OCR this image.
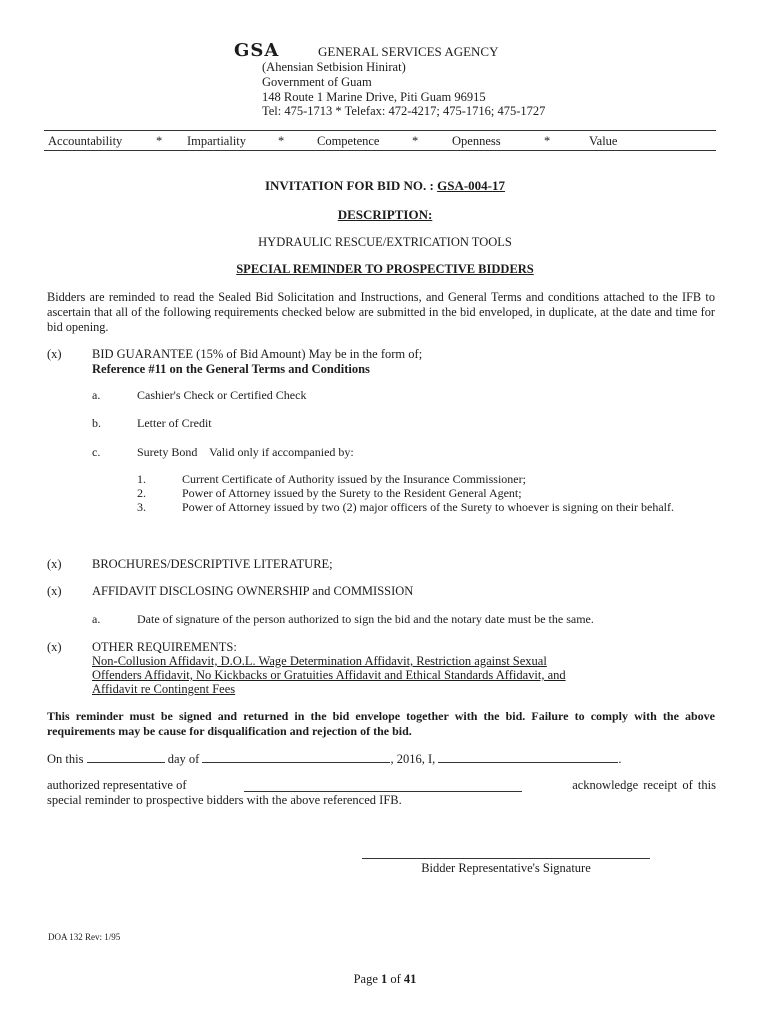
GSA	GENERAL SERVICES AGENCY
(Ahensian Setbision Hinirat)
Government of Guam
148 Route 1 Marine Drive, Piti Guam 96915
Tel: 475-1713 * Telefax: 472-4217; 475-1716; 475-1727
Accountability	* Impartiality	*	Competence	*	Openness	*	Value
INVITATION FOR BID NO. : GSA-004-17
DESCRIPTION:
HYDRAULIC RESCUE/EXTRICATION TOOLS
SPECIAL REMINDER TO PROSPECTIVE BIDDERS
Bidders are reminded to read the Sealed Bid Solicitation and Instructions, and General Terms and conditions attached to the IFB to ascertain that all of the following requirements checked below are submitted in the bid enveloped, in duplicate, at the date and time for bid opening.
(x) BID GUARANTEE (15% of Bid Amount) May be in the form of;
Reference #11 on the General Terms and Conditions
a.	Cashier's Check or Certified Check
b.	Letter of Credit
c.	Surety Bond    Valid only if accompanied by:
1.	Current Certificate of Authority issued by the Insurance Commissioner;
2.	Power of Attorney issued by the Surety to the Resident General Agent;
3.	Power of Attorney issued by two (2) major officers of the Surety to whoever is signing on their behalf.
(x) BROCHURES/DESCRIPTIVE LITERATURE;
(x) AFFIDAVIT DISCLOSING OWNERSHIP and COMMISSION
a.	Date of signature of the person authorized to sign the bid and the notary date must be the same.
(x) OTHER REQUIREMENTS:
Non-Collusion Affidavit, D.O.L. Wage Determination Affidavit, Restriction against Sexual
Offenders Affidavit, No Kickbacks or Gratuities Affidavit and Ethical Standards Affidavit, and
Affidavit re Contingent Fees
This reminder must be signed and returned in the bid envelope together with the bid. Failure to comply with the above requirements may be cause for disqualification and rejection of the bid.
On this	day of	, 2016, I,	.
authorized representative of	acknowledge receipt of this
special reminder to prospective bidders with the above referenced IFB.
Bidder Representative's Signature
DOA 132 Rev: 1/95
Page 1 of 41
